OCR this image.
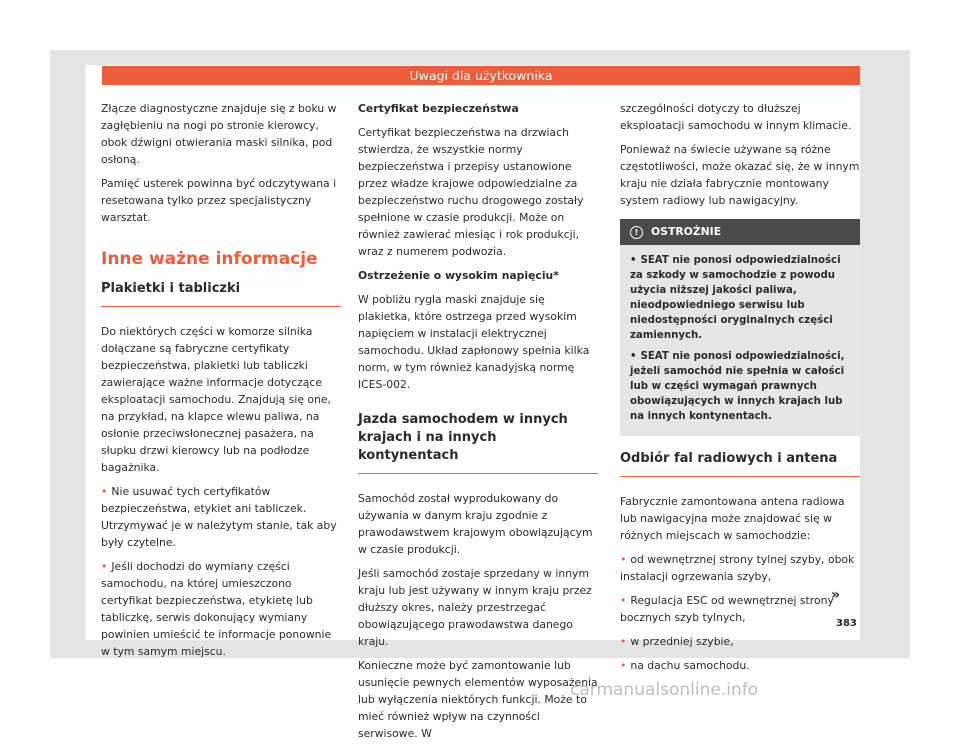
Uwagi dla użytkownika

Złącze diagnostyczne znajduje się z boku w zagłębieniu na nogi po stronie kierowcy, obok dźwigni otwierania maski silnika, pod osłoną.

Pamięć usterek powinna być odczytywana i resetowana tylko przez specjalistyczny warsztat.

Inne ważne informacje
Plakietki i tabliczki

Do niektórych części w komorze silnika dołączane są fabryczne certyfikaty bezpieczeństwa, plakietki lub tabliczki zawierające ważne informacje dotyczące eksploatacji samochodu. Znajdują się one, na przykład, na klapce wlewu paliwa, na osłonie przeciwsłonecznej pasażera, na słupku drzwi kierowcy lub na podłodze bagażnika.

• Nie usuwać tych certyfikatów bezpieczeństwa, etykiet ani tabliczek. Utrzymywać je w należytym stanie, tak aby były czytelne.

• Jeśli dochodzi do wymiany części samochodu, na której umieszczono certyfikat bezpieczeństwa, etykietę lub tabliczkę, serwis dokonujący wymiany powinien umieścić te informacje ponownie w tym samym miejscu.

Certyfikat bezpieczeństwa

Certyfikat bezpieczeństwa na drzwiach stwierdza, że wszystkie normy bezpieczeństwa i przepisy ustanowione przez władze krajowe odpowiedzialne za bezpieczeństwo ruchu drogowego zostały spełnione w czasie produkcji. Może on również zawierać miesiąc i rok produkcji, wraz z numerem podwozia.

Ostrzeżenie o wysokim napięciu*

W pobliżu rygla maski znajduje się plakietka, które ostrzega przed wysokim napięciem w instalacji elektrycznej samochodu. Układ zapłonowy spełnia kilka norm, w tym również kanadyjską normę ICES-002.

Jazda samochodem w innych krajach i na innych kontynentach

Samochód został wyprodukowany do używania w danym kraju zgodnie z prawodawstwem krajowym obowiązującym w czasie produkcji.

Jeśli samochód zostaje sprzedany w innym kraju lub jest używany w innym kraju przez dłuższy okres, należy przestrzegać obowiązującego prawodawstwa danego kraju.

Konieczne może być zamontowanie lub usunięcie pewnych elementów wyposażenia lub wyłączenia niektórych funkcji. Może to mieć również wpływ na czynności serwisowe. W

szczególności dotyczy to dłuższej eksploatacji samochodu w innym klimacie.

Ponieważ na świecie używane są różne częstotliwości, może okazać się, że w innym kraju nie działa fabrycznie montowany system radiowy lub nawigacyjny.

! OSTROŻNIE

• SEAT nie ponosi odpowiedzialności za szkody w samochodzie z powodu użycia niższej jakości paliwa, nieodpowiedniego serwisu lub niedostępności oryginalnych części zamiennych.

• SEAT nie ponosi odpowiedzialności, jeżeli samochód nie spełnia w całości lub w części wymagań prawnych obowiązujących w innych krajach lub na innych kontynentach.

Odbiór fal radiowych i antena

Fabrycznie zamontowana antena radiowa lub nawigacyjna może znajdować się w różnych miejscach w samochodzie:

• od wewnętrznej strony tylnej szyby, obok instalacji ogrzewania szyby,

• Regulacja ESC od wewnętrznej strony bocznych szyb tylnych,

• w przedniej szybie,

• na dachu samochodu.

»
383
carmanualsonline.info
